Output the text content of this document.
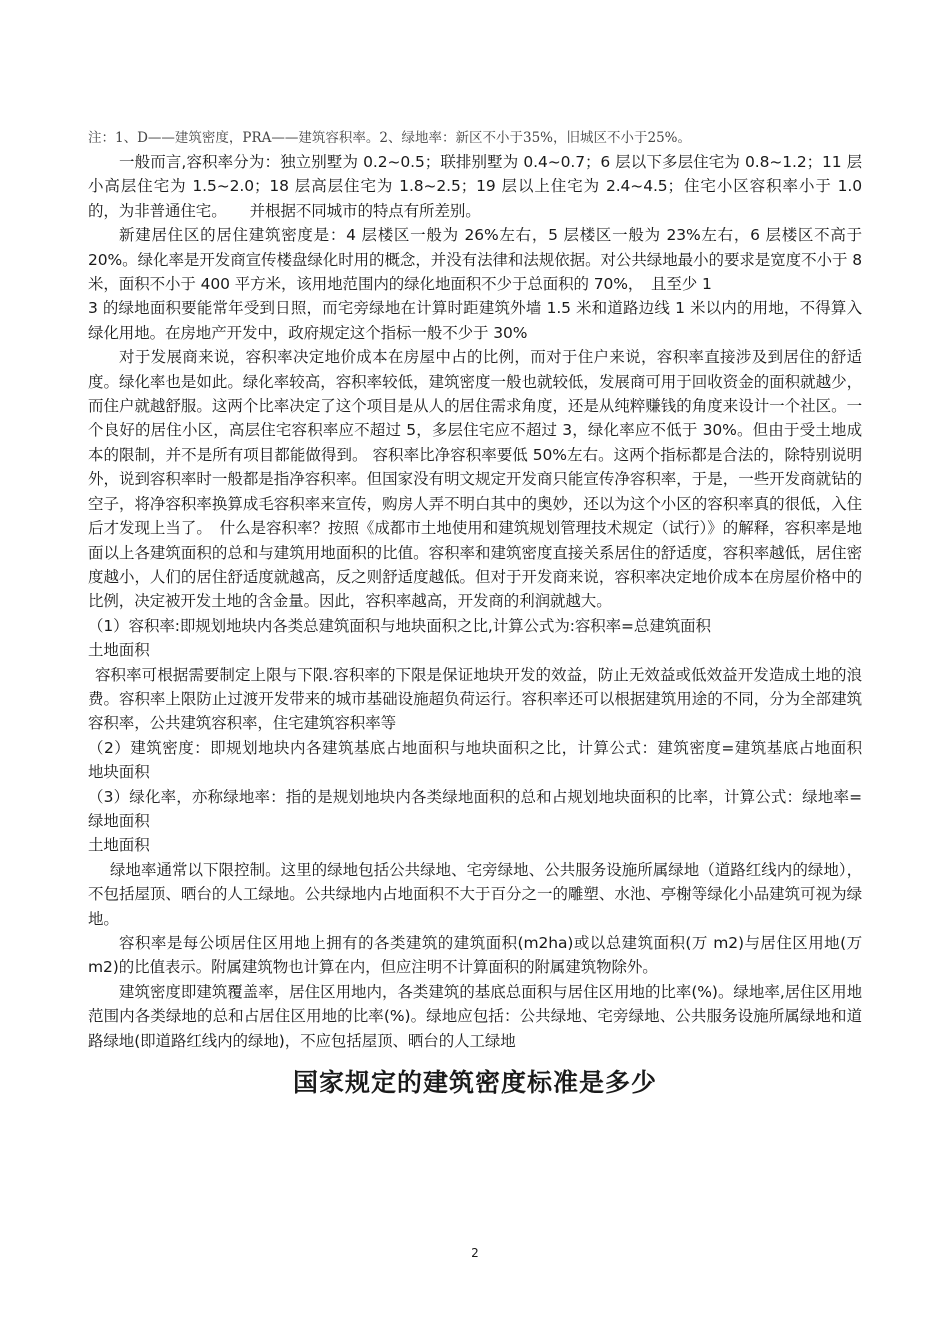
注：1、D——建筑密度，PRA——建筑容积率。2、绿地率：新区不小于35%，旧城区不小于25%。

一般而言,容积率分为：独立别墅为 0.2~0.5；联排别墅为 0.4~0.7；6 层以下多层住宅为 0.8~1.2；11 层小高层住宅为 1.5~2.0；18 层高层住宅为 1.8~2.5；19 层以上住宅为 2.4~4.5；住宅小区容积率小于 1.0 的，为非普通住宅。　　并根据不同城市的特点有所差别。

新建居住区的居住建筑密度是：4 层楼区一般为 26%左右，5 层楼区一般为 23%左右，6 层楼区不高于 20%。绿化率是开发商宣传楼盘绿化时用的概念，并没有法律和法规依据。对公共绿地最小的要求是宽度不小于 8 米，面积不小于 400 平方米，该用地范围内的绿化地面积不少于总面积的 70%，　且至少 1

3 的绿地面积要能常年受到日照，而宅旁绿地在计算时距建筑外墙 1.5 米和道路边线 1 米以内的用地，不得算入绿化用地。在房地产开发中，政府规定这个指标一般不少于 30%

对于发展商来说，容积率决定地价成本在房屋中占的比例，而对于住户来说，容积率直接涉及到居住的舒适度。绿化率也是如此。绿化率较高，容积率较低，建筑密度一般也就较低，发展商可用于回收资金的面积就越少，而住户就越舒服。这两个比率决定了这个项目是从人的居住需求角度，还是从纯粹赚钱的角度来设计一个社区。一个良好的居住小区，高层住宅容积率应不超过 5，多层住宅应不超过 3，绿化率应不低于 30%。但由于受土地成本的限制，并不是所有项目都能做得到。 容积率比净容积率要低 50%左右。这两个指标都是合法的，除特别说明外，说到容积率时一般都是指净容积率。但国家没有明文规定开发商只能宣传净容积率，于是，一些开发商就钻的空子，将净容积率换算成毛容积率来宣传，购房人弄不明白其中的奥妙，还以为这个小区的容积率真的很低，入住后才发现上当了。　什么是容积率？按照《成都市土地使用和建筑规划管理技术规定（试行）》的解释，容积率是地面以上各建筑面积的总和与建筑用地面积的比值。容积率和建筑密度直接关系居住的舒适度，容积率越低，居住密度越小，人们的居住舒适度就越高，反之则舒适度越低。但对于开发商来说，容积率决定地价成本在房屋价格中的比例，决定被开发土地的含金量。因此，容积率越高，开发商的利润就越大。

（1）容积率:即规划地块内各类总建筑面积与地块面积之比,计算公式为:容积率=总建筑面积

土地面积

容积率可根据需要制定上限与下限.容积率的下限是保证地块开发的效益，防止无效益或低效益开发造成土地的浪费。容积率上限防止过渡开发带来的城市基础设施超负荷运行。容积率还可以根据建筑用途的不同，分为全部建筑容积率，公共建筑容积率，住宅建筑容积率等

（2）建筑密度：即规划地块内各建筑基底占地面积与地块面积之比，计算公式：建筑密度=建筑基底占地面积　地块面积

（3）绿化率，亦称绿地率：指的是规划地块内各类绿地面积的总和占规划地块面积的比率，计算公式：绿地率=绿地面积

土地面积

绿地率通常以下限控制。这里的绿地包括公共绿地、宅旁绿地、公共服务设施所属绿地（道路红线内的绿地），不包括屋顶、晒台的人工绿地。公共绿地内占地面积不大于百分之一的雕塑、水池、亭榭等绿化小品建筑可视为绿地。

容积率是每公顷居住区用地上拥有的各类建筑的建筑面积(m2ha)或以总建筑面积(万 m2)与居住区用地(万 m2)的比值表示。附属建筑物也计算在内，但应注明不计算面积的附属建筑物除外。

建筑密度即建筑覆盖率，居住区用地内，各类建筑的基底总面积与居住区用地的比率(%)。绿地率,居住区用地范围内各类绿地的总和占居住区用地的比率(%)。绿地应包括：公共绿地、宅旁绿地、公共服务设施所属绿地和道路绿地(即道路红线内的绿地)，不应包括屋顶、晒台的人工绿地

国家规定的建筑密度标准是多少
2
